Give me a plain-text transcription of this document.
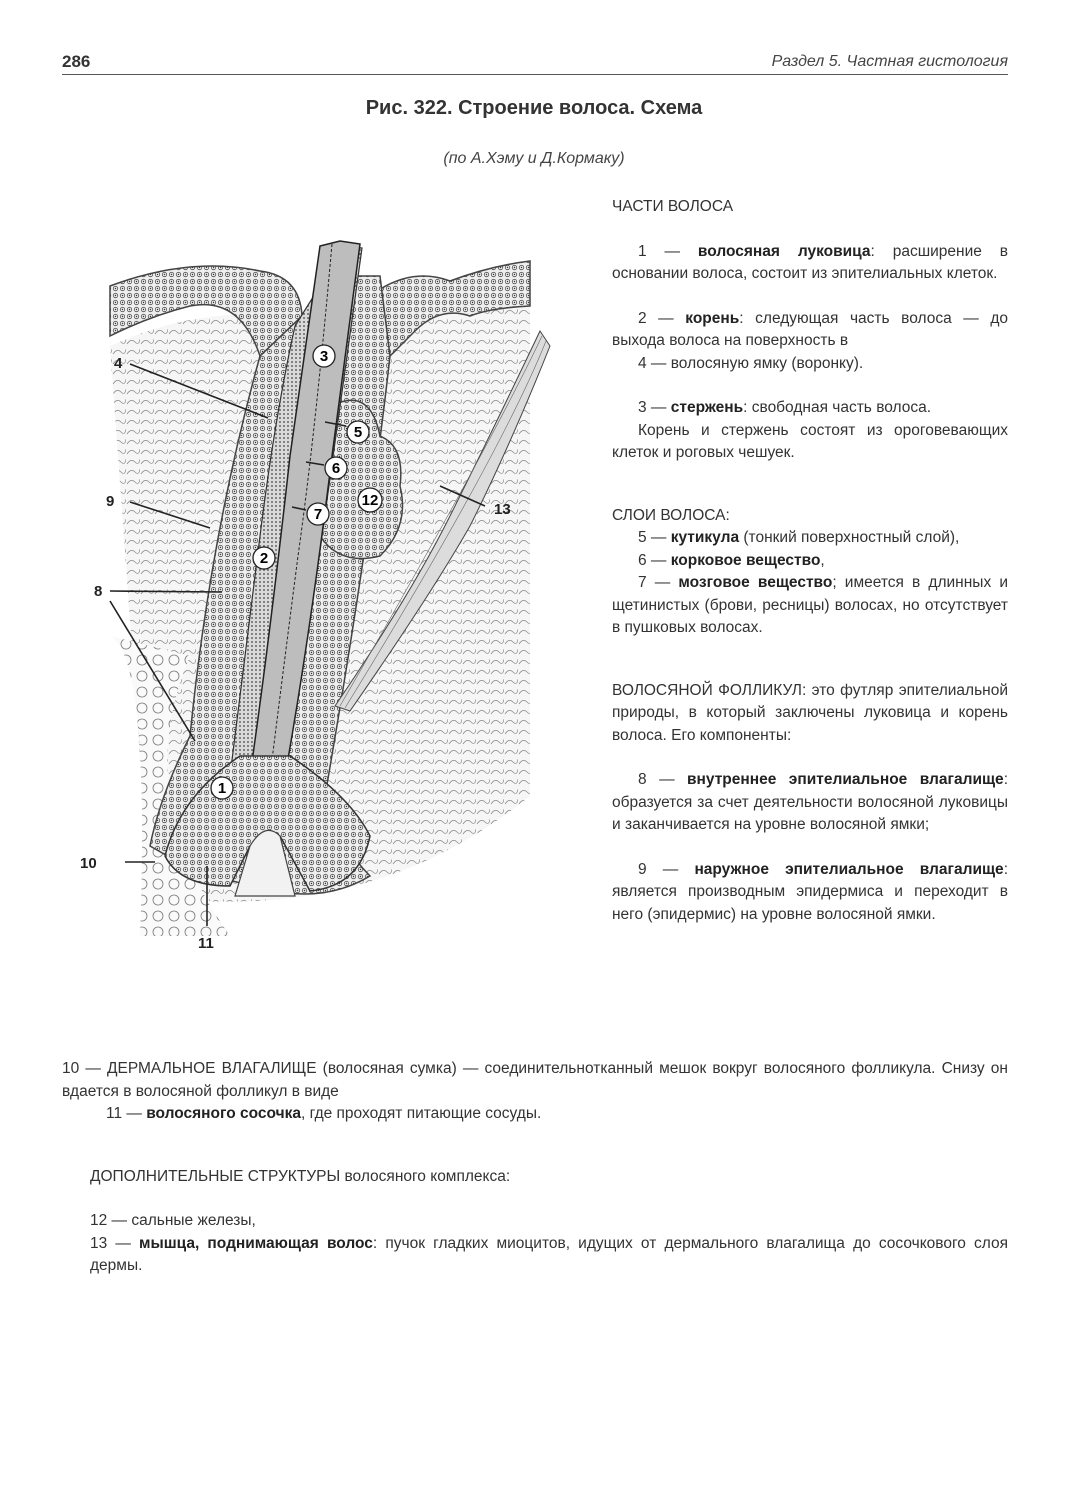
286	Раздел 5. Частная гистология
Рис. 322. Строение волоса. Схема
(по А.Хэму и Д.Кормаку)
3
5
6
12
7
2
1
4
9
8
10
11
13
ЧАСТИ ВОЛОСА

1 — волосяная луковица: расширение в основании волоса, состоит из эпителиальных клеток.

2 — корень: следующая часть волоса — до выхода волоса на поверхность в

4 — волосяную ямку (воронку).

3 — стержень: свободная часть волоса.

Корень и стержень состоят из ороговевающих клеток и роговых чешуек.

СЛОИ ВОЛОСА:

5 — кутикула (тонкий поверхностный слой),

6 — корковое вещество,

7 — мозговое вещество; имеется в длинных и щетинистых (брови, ресницы) волосах, но отсутствует в пушковых волосах.

ВОЛОСЯНОЙ ФОЛЛИКУЛ: это футляр эпителиальной природы, в который заключены луковица и корень волоса. Его компоненты:

8 — внутреннее эпителиальное влагалище: образуется за счет деятельности волосяной луковицы и заканчивается на уровне волосяной ямки;

9 — наружное эпителиальное влагалище: является производным эпидермиса и переходит в него (эпидермис) на уровне волосяной ямки.

10 — ДЕРМАЛЬНОЕ ВЛАГАЛИЩЕ (волосяная сумка) — соединительнотканный мешок вокруг волосяного фолликула. Снизу он вдается в волосяной фолликул в виде

11 — волосяного сосочка, где проходят питающие сосуды.

ДОПОЛНИТЕЛЬНЫЕ СТРУКТУРЫ волосяного комплекса:

12 — сальные железы,

13 — мышца, поднимающая волос: пучок гладких миоцитов, идущих от дермального влагалища до сосочкового слоя дермы.
